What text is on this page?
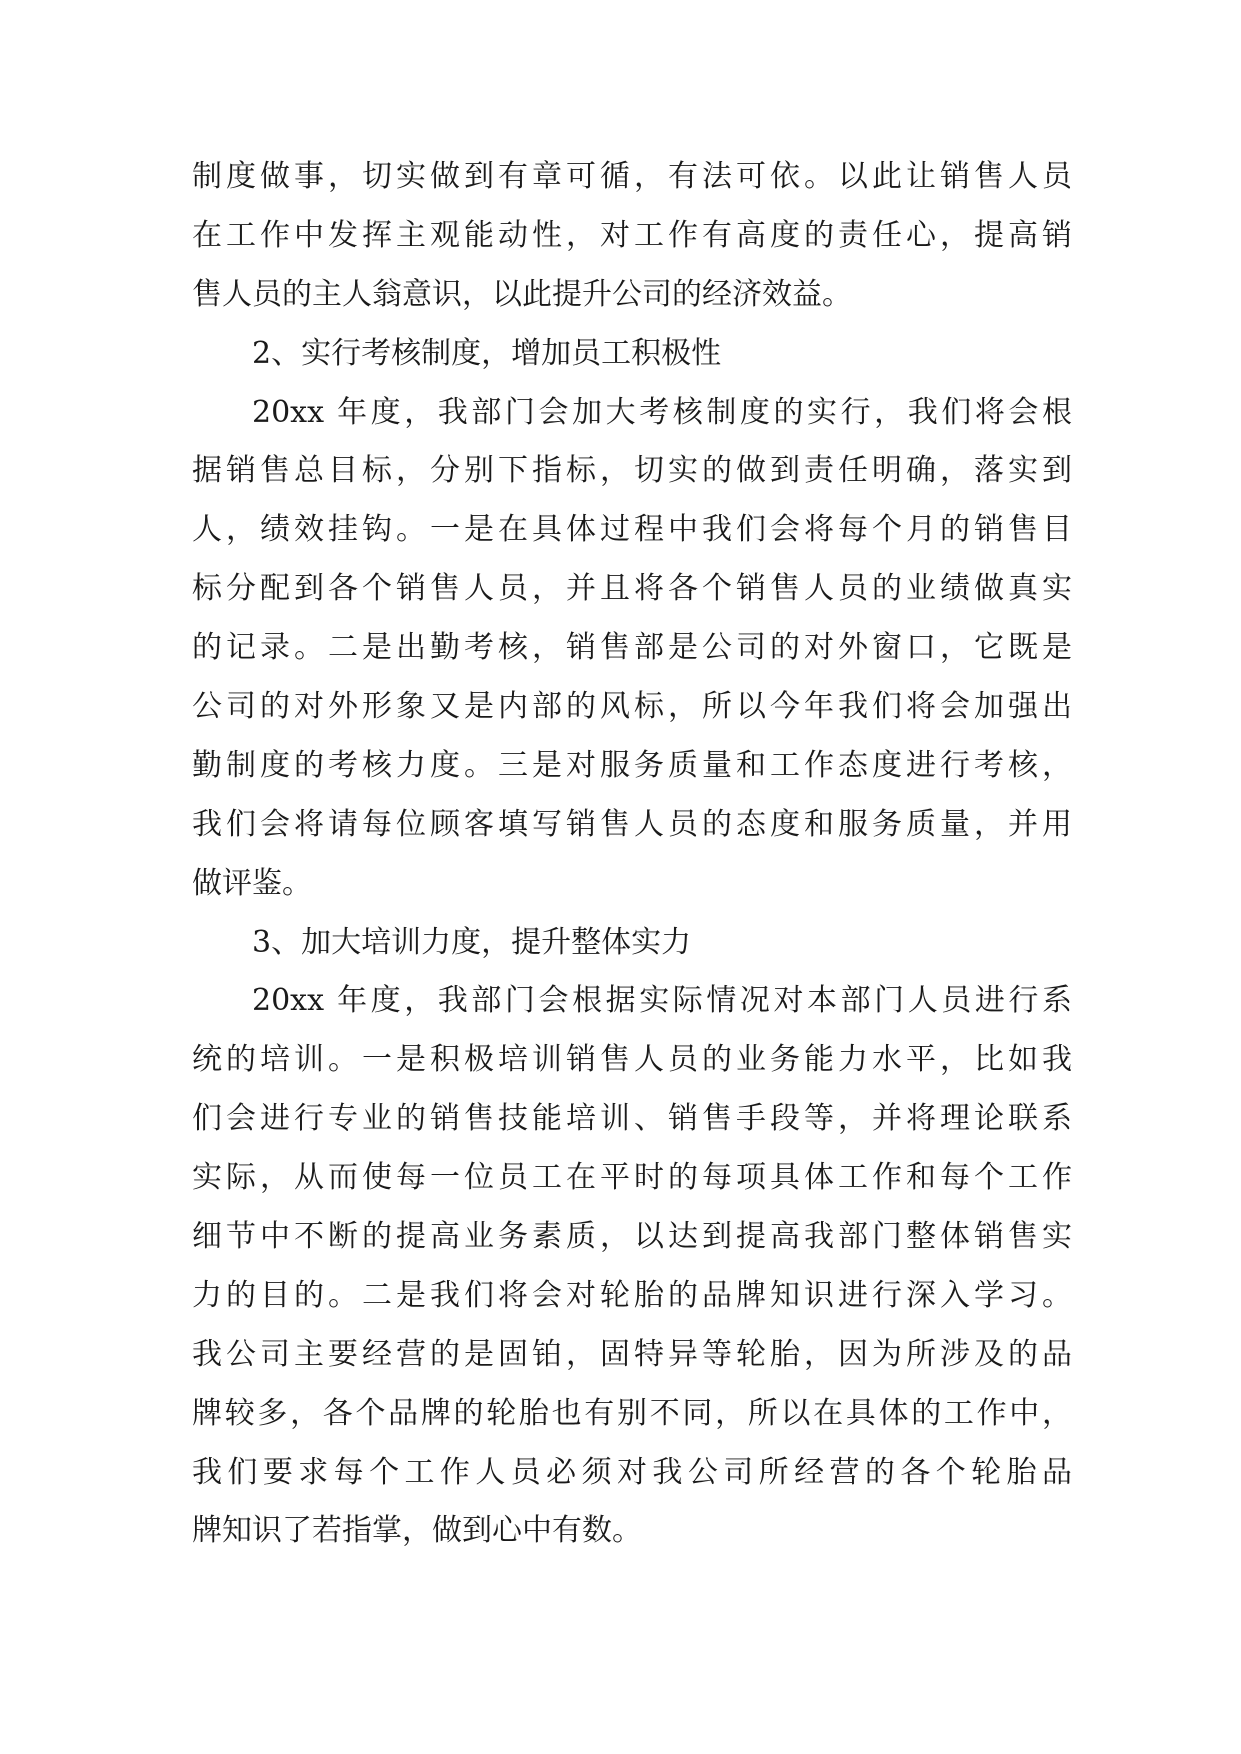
制度做事，切实做到有章可循，有法可依。以此让销售人员
在工作中发挥主观能动性，对工作有高度的责任心，提高销
售人员的主人翁意识，以此提升公司的经济效益。
2、实行考核制度，增加员工积极性
20xx 年度，我部门会加大考核制度的实行，我们将会根
据销售总目标，分别下指标，切实的做到责任明确，落实到
人，绩效挂钩。一是在具体过程中我们会将每个月的销售目
标分配到各个销售人员，并且将各个销售人员的业绩做真实
的记录。二是出勤考核，销售部是公司的对外窗口，它既是
公司的对外形象又是内部的风标，所以今年我们将会加强出
勤制度的考核力度。三是对服务质量和工作态度进行考核，
我们会将请每位顾客填写销售人员的态度和服务质量，并用
做评鉴。
3、加大培训力度，提升整体实力
20xx 年度，我部门会根据实际情况对本部门人员进行系
统的培训。一是积极培训销售人员的业务能力水平，比如我
们会进行专业的销售技能培训、销售手段等，并将理论联系
实际，从而使每一位员工在平时的每项具体工作和每个工作
细节中不断的提高业务素质，以达到提高我部门整体销售实
力的目的。二是我们将会对轮胎的品牌知识进行深入学习。
我公司主要经营的是固铂，固特异等轮胎，因为所涉及的品
牌较多，各个品牌的轮胎也有别不同，所以在具体的工作中，
我们要求每个工作人员必须对我公司所经营的各个轮胎品
牌知识了若指掌，做到心中有数。
